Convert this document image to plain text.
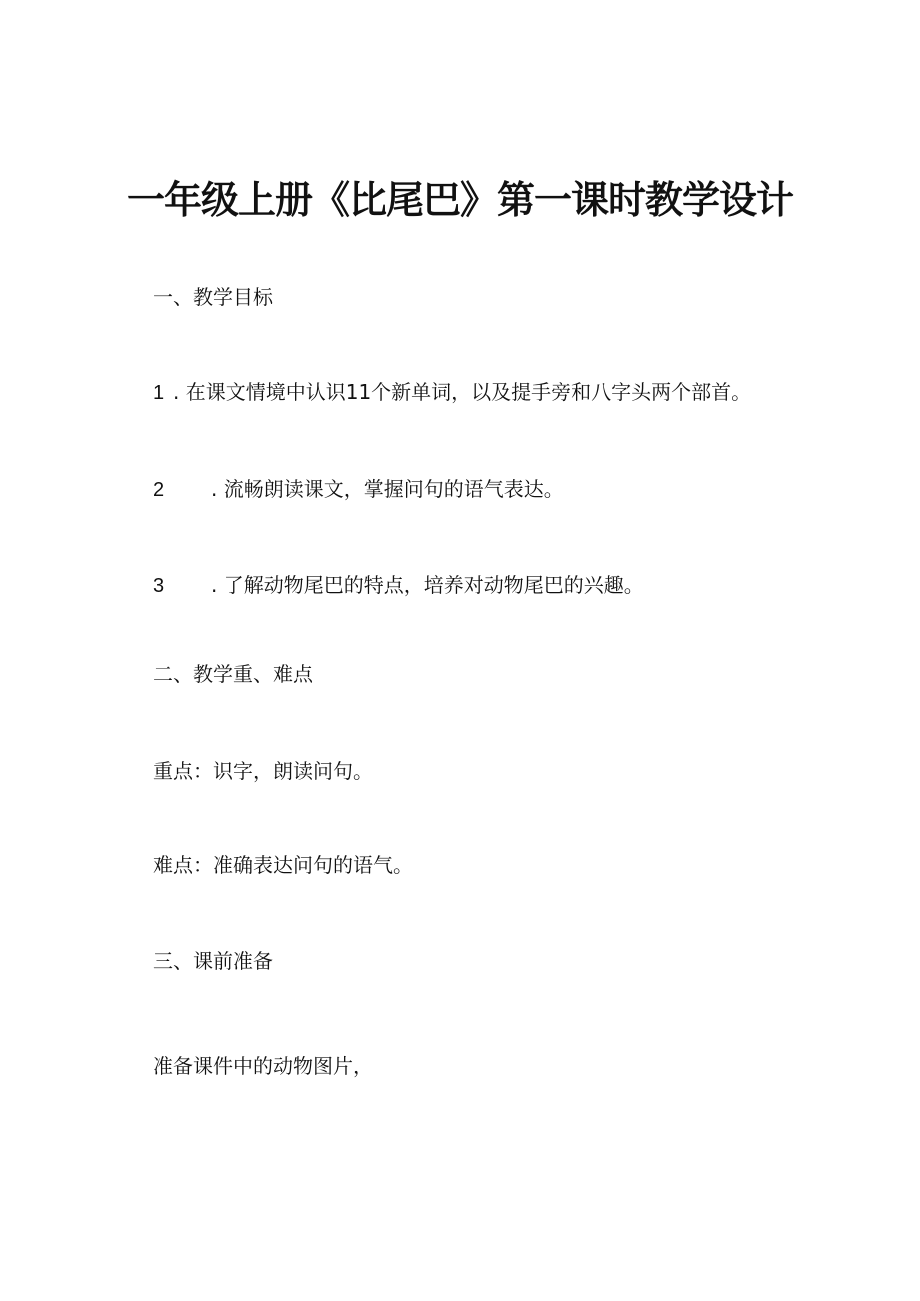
一年级上册《比尾巴》第一课时教学设计
一、教学目标
1 . 在课文情境中认识11个新单词，以及提手旁和八字头两个部首。
2 . 流畅朗读课文，掌握问句的语气表达。
3 . 了解动物尾巴的特点，培养对动物尾巴的兴趣。
二、教学重、难点
重点：识字，朗读问句。
难点：准确表达问句的语气。
三、课前准备
准备课件中的动物图片，
